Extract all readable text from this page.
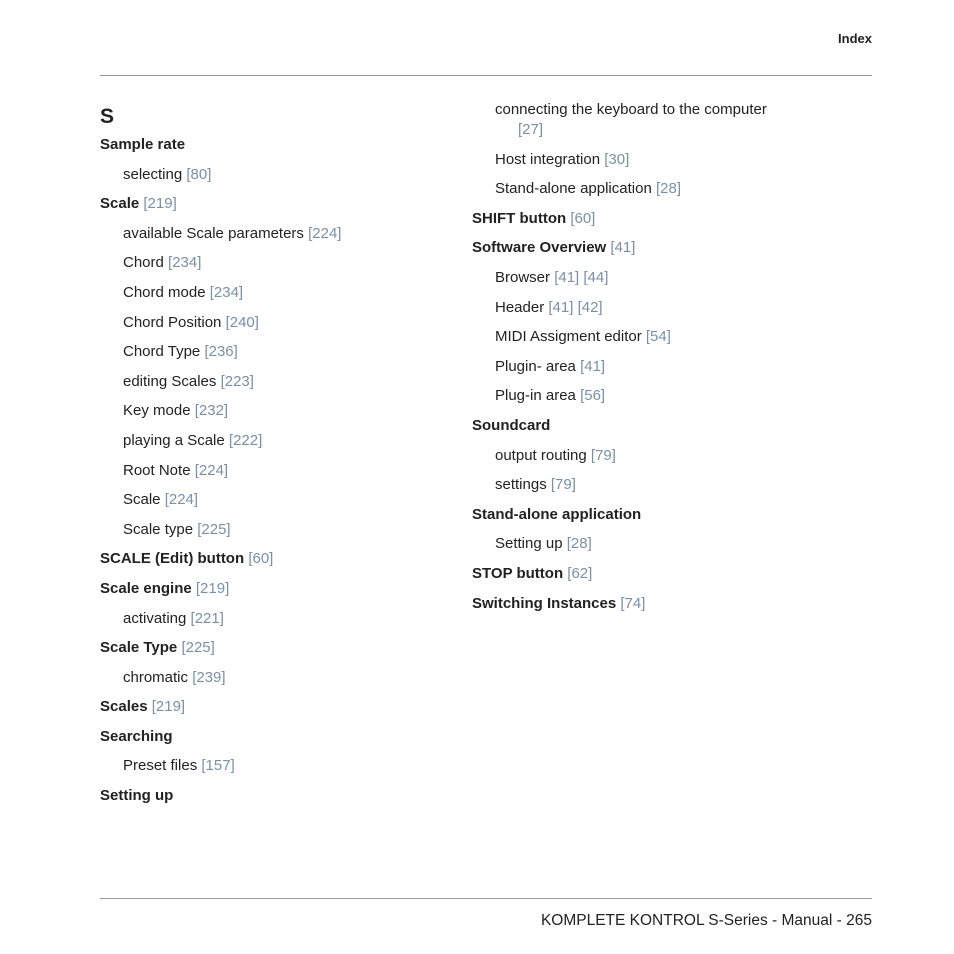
Index
S
Sample rate
selecting [80]
Scale [219]
available Scale parameters [224]
Chord [234]
Chord mode [234]
Chord Position [240]
Chord Type [236]
editing Scales [223]
Key mode [232]
playing a Scale [222]
Root Note [224]
Scale [224]
Scale type [225]
SCALE (Edit) button [60]
Scale engine [219]
activating [221]
Scale Type [225]
chromatic [239]
Scales [219]
Searching
Preset files [157]
Setting up
connecting the keyboard to the computer
[27]
Host integration [30]
Stand-alone application [28]
SHIFT button [60]
Software Overview [41]
Browser [41] [44]
Header [41] [42]
MIDI Assigment editor [54]
Plugin- area [41]
Plug-in area [56]
Soundcard
output routing [79]
settings [79]
Stand-alone application
Setting up [28]
STOP button [62]
Switching Instances [74]
KOMPLETE KONTROL S-Series - Manual - 265
